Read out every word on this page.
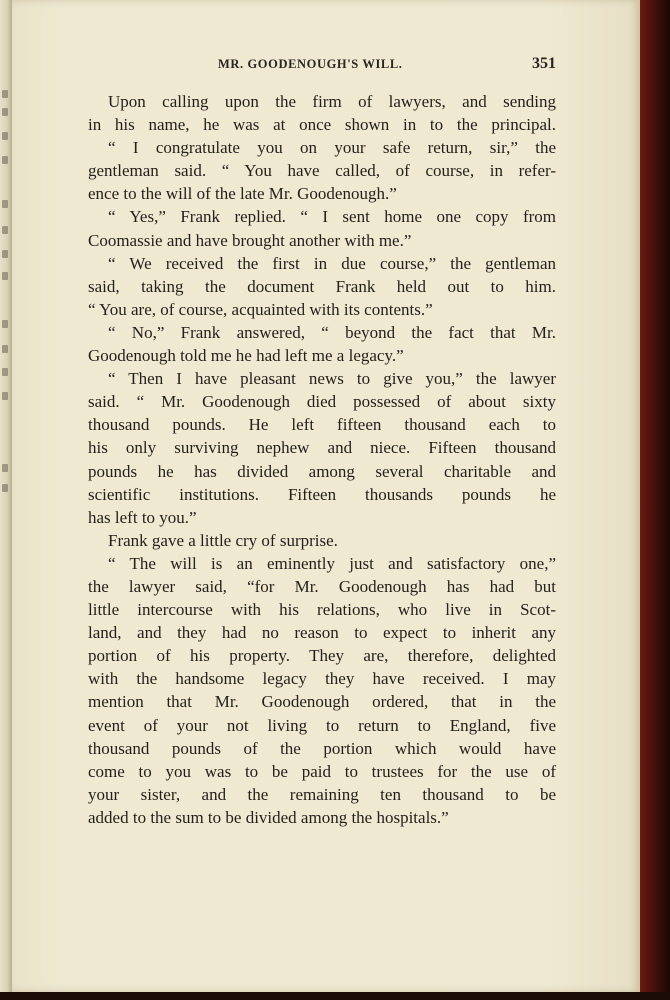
MR. GOODENOUGH'S WILL.	351
Upon calling upon the firm of lawyers, and sending
in his name, he was at once shown in to the principal.
“ I congratulate you on your safe return, sir,” the
gentleman said. “ You have called, of course, in refer-
ence to the will of the late Mr. Goodenough.”
“ Yes,” Frank replied. “ I sent home one copy from
Coomassie and have brought another with me.”
“ We received the first in due course,” the gentleman
said, taking the document Frank held out to him.
“ You are, of course, acquainted with its contents.”
“ No,” Frank answered, “ beyond the fact that Mr.
Goodenough told me he had left me a legacy.”
“ Then I have pleasant news to give you,” the lawyer
said. “ Mr. Goodenough died possessed of about sixty
thousand pounds. He left fifteen thousand each to
his only surviving nephew and niece. Fifteen thousand
pounds he has divided among several charitable and
scientific institutions. Fifteen thousands pounds he
has left to you.”
Frank gave a little cry of surprise.
“ The will is an eminently just and satisfactory one,”
the lawyer said, “for Mr. Goodenough has had but
little intercourse with his relations, who live in Scot-
land, and they had no reason to expect to inherit any
portion of his property. They are, therefore, delighted
with the handsome legacy they have received. I may
mention that Mr. Goodenough ordered, that in the
event of your not living to return to England, five
thousand pounds of the portion which would have
come to you was to be paid to trustees for the use of
your sister, and the remaining ten thousand to be
added to the sum to be divided among the hospitals.”
